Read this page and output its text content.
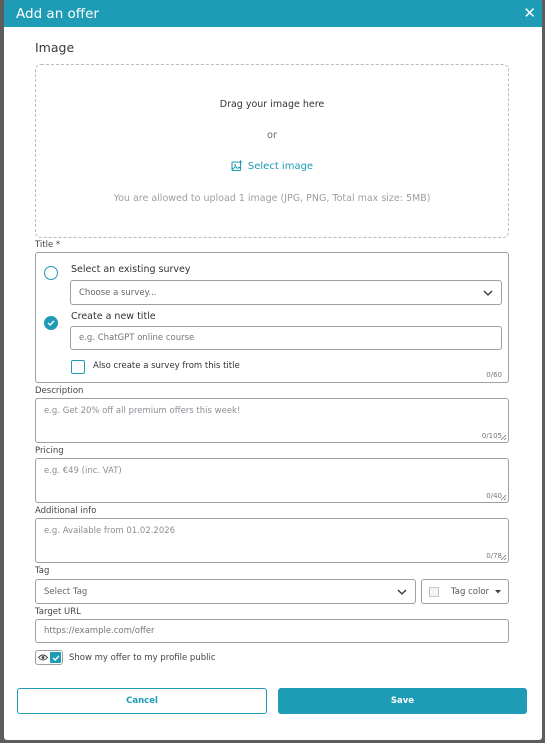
Add an offer	✕
Image
Drag your image here
or
Select image
You are allowed to upload 1 image (JPG, PNG, Total max size: 5MB)
Title *
Select an existing survey
Choose a survey...
Create a new title
e.g. ChatGPT online course
Also create a survey from this title
0/60
Description
e.g. Get 20% off all premium offers this week!
0/105
Pricing
e.g. €49 (inc. VAT)
0/40
Additional info
e.g. Available from 01.02.2026
0/78
Tag
Select Tag	Tag color
Target URL
https://example.com/offer
Show my offer to my profile public
Cancel	Save
